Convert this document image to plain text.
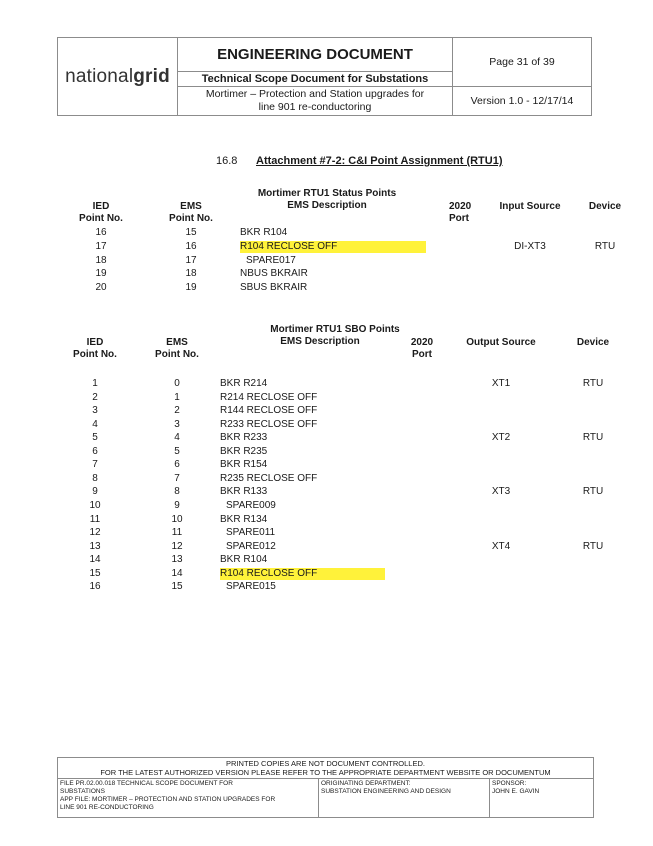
nationalgrid	ENGINEERING DOCUMENT	Page 31 of 39
	Technical Scope Document for Substations	

	Mortimer – Protection and Station upgrades for
line 901 re-conductoring	Version 1.0 - 12/17/14
16.8 Attachment #7-2: C&I Point Assignment (RTU1)
Mortimer RTU1 Status Points
EMS Description
IED
Point No.
EMS
Point No.
2020
Port
Input Source	Device
16	15	BKR R104
17	16	R104 RECLOSE OFF	DI-XT3	RTU
18	17	SPARE017
19	18	NBUS BKRAIR
20	19	SBUS BKRAIR
Mortimer RTU1 SBO Points
EMS Description
IED
Point No.
EMS
Point No.
2020
Port
Output Source	Device
1	0	BKR R214	XT1	RTU
2	1	R214 RECLOSE OFF
3	2	R144 RECLOSE OFF
4	3	R233 RECLOSE OFF
5	4	BKR R233	XT2	RTU
6	5	BKR R235
7	6	BKR R154
8	7	R235 RECLOSE OFF
9	8	BKR R133	XT3	RTU
10	9	SPARE009
11	10	BKR R134
12	11	SPARE011
13	12	SPARE012	XT4	RTU
14	13	BKR R104
15	14	R104 RECLOSE OFF
16	15	SPARE015
PRINTED COPIES ARE NOT DOCUMENT CONTROLLED.
FOR THE LATEST AUTHORIZED VERSION PLEASE REFER TO THE APPROPRIATE DEPARTMENT WEBSITE OR DOCUMENTUM

FILE PR.02.00.018 TECHNICAL SCOPE DOCUMENT FOR
SUBSTATIONS
APP FILE: MORTIMER – PROTECTION AND STATION UPGRADES FOR
LINE 901 RE-CONDUCTORING

ORIGINATING DEPARTMENT:
SUBSTATION ENGINEERING AND DESIGN

SPONSOR:
JOHN E. GAVIN
